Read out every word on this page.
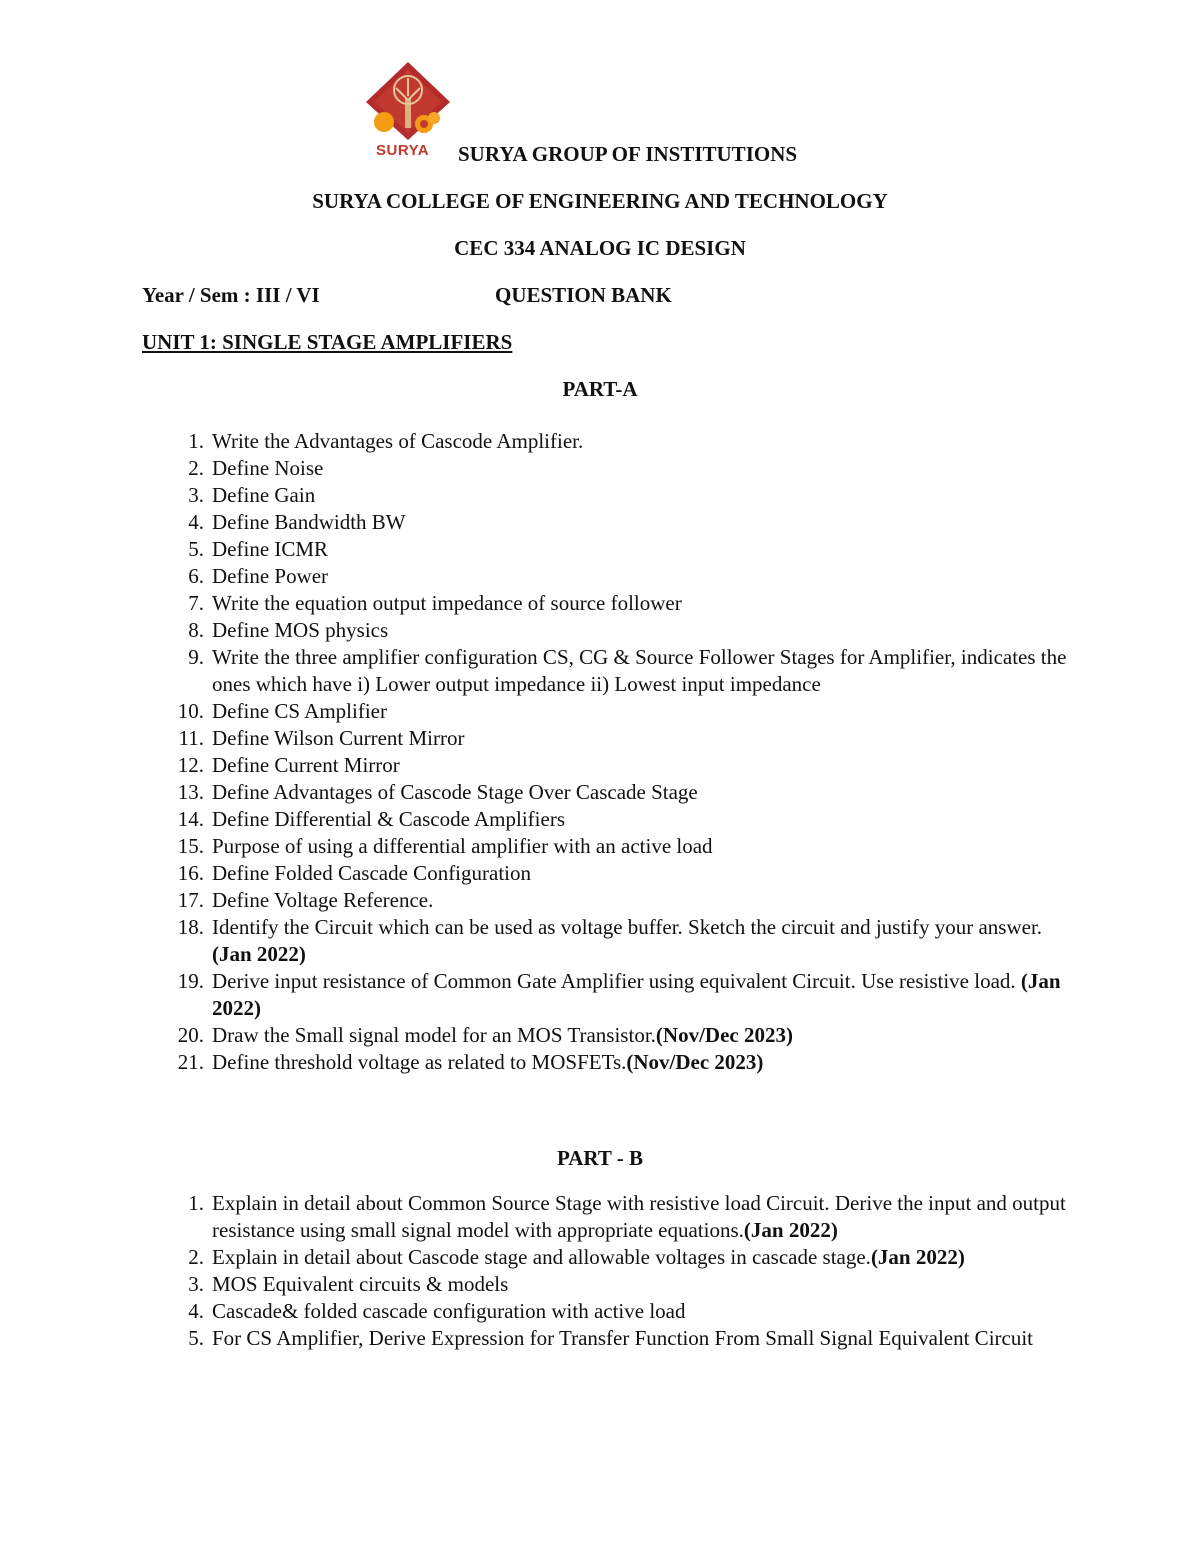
SURYA SURYA GROUP OF INSTITUTIONS
SURYA COLLEGE OF ENGINEERING AND TECHNOLOGY
CEC 334 ANALOG IC DESIGN
Year / Sem : III / VI	QUESTION BANK
UNIT 1: SINGLE STAGE AMPLIFIERS
PART-A
1. Write the Advantages of Cascode Amplifier.
2. Define Noise
3. Define Gain
4. Define Bandwidth BW
5. Define ICMR
6. Define Power
7. Write the equation output impedance of source follower
8. Define MOS physics
9. Write the three amplifier configuration CS, CG & Source Follower Stages for Amplifier, indicates the ones which have i) Lower output impedance ii) Lowest input impedance
10. Define CS Amplifier
11. Define Wilson Current Mirror
12. Define Current Mirror
13. Define Advantages of Cascode Stage Over Cascade Stage
14. Define Differential & Cascode Amplifiers
15. Purpose of using a differential amplifier with an active load
16. Define Folded Cascade Configuration
17. Define Voltage Reference.
18. Identify the Circuit which can be used as voltage buffer. Sketch the circuit and justify your answer.(Jan 2022)
19. Derive input resistance of Common Gate Amplifier using equivalent Circuit. Use resistive load. (Jan 2022)
20. Draw the Small signal model for an MOS Transistor.(Nov/Dec 2023)
21. Define threshold voltage as related to MOSFETs.(Nov/Dec 2023)
PART - B
1. Explain in detail about Common Source Stage with resistive load Circuit. Derive the input and output resistance using small signal model with appropriate equations.(Jan 2022)
2. Explain in detail about Cascode stage and allowable voltages in cascade stage.(Jan 2022)
3. MOS Equivalent circuits & models
4. Cascade& folded cascade configuration with active load
5. For CS Amplifier, Derive Expression for Transfer Function From Small Signal Equivalent Circuit
